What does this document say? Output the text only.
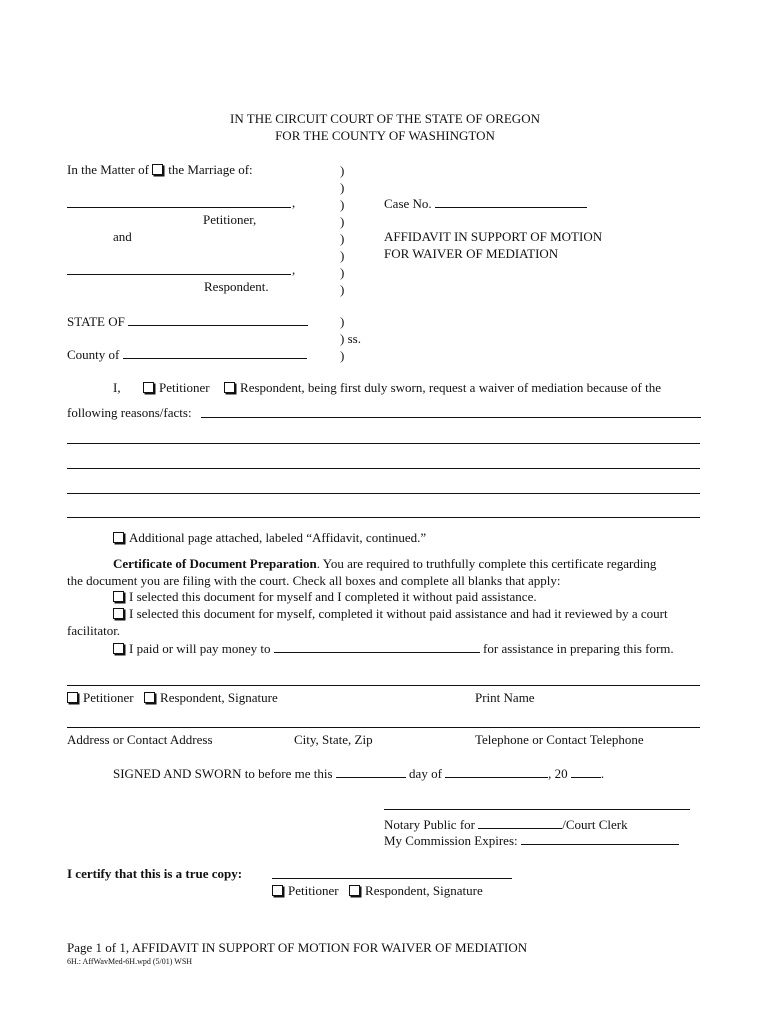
IN THE CIRCUIT COURT OF THE STATE OF OREGON
FOR THE COUNTY OF WASHINGTON
In the Matter of the Marriage of:
,
Petitioner,
and
,
Respondent.
)
)
)
)
)
)
)
)
Case No.
AFFIDAVIT IN SUPPORT OF MOTION
FOR WAIVER OF MEDIATION
STATE OF
County of
)
) ss.
)
I,	Petitioner Respondent, being first duly sworn, request a waiver of mediation because of the
following reasons/facts:
Additional page attached, labeled “Affidavit, continued.”
Certificate of Document Preparation. You are required to truthfully complete this certificate regarding
the document you are filing with the court. Check all boxes and complete all blanks that apply:
I selected this document for myself and I completed it without paid assistance.
I selected this document for myself, completed it without paid assistance and had it reviewed by a court
facilitator.
I paid or will pay money to	for assistance in preparing this form.
Petitioner Respondent, Signature	Print Name
Address or Contact Address	City, State, Zip	Telephone or Contact Telephone
SIGNED AND SWORN to before me this	day of	, 20	.
Notary Public for	/Court Clerk
My Commission Expires:
I certify that this is a true copy:
Petitioner Respondent, Signature
Page 1 of 1, AFFIDAVIT IN SUPPORT OF MOTION FOR WAIVER OF MEDIATION
6H.: AffWavMed-6H.wpd (5/01) WSH
